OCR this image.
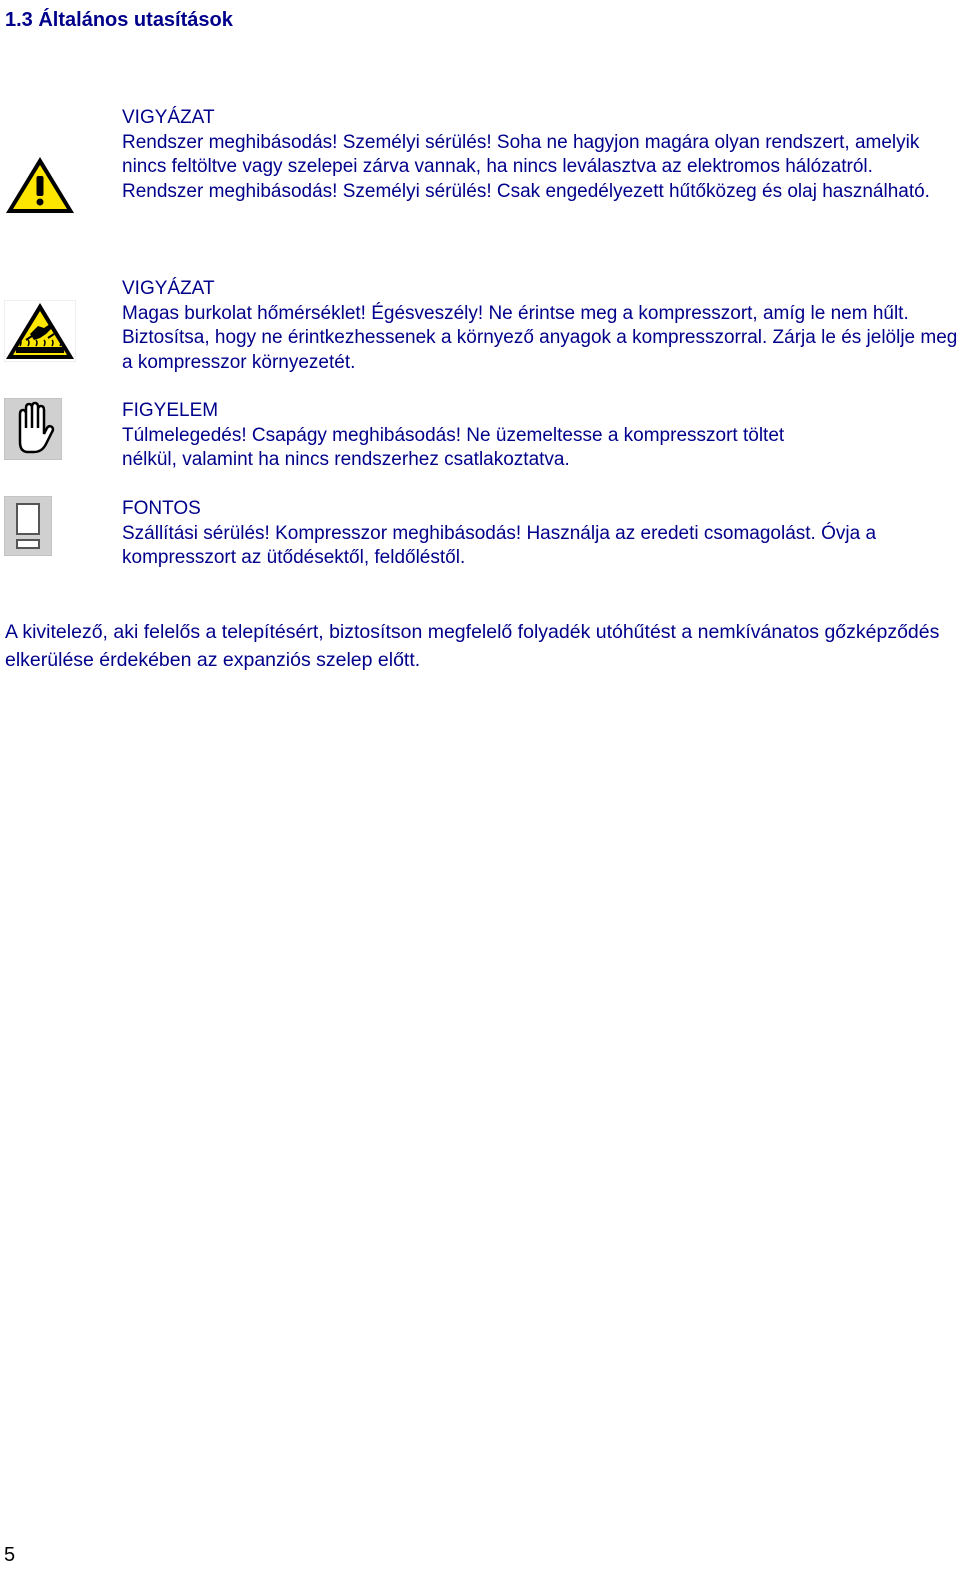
1.3 Általános utasítások
VIGYÁZAT

Rendszer meghibásodás! Személyi sérülés! Soha ne hagyjon magára olyan rendszert, amelyik nincs feltöltve vagy szelepei zárva vannak, ha nincs leválasztva az elektromos hálózatról.

Rendszer meghibásodás! Személyi sérülés! Csak engedélyezett hűtőközeg és olaj használható.

VIGYÁZAT

Magas burkolat hőmérséklet! Égésveszély! Ne érintse meg a kompresszort, amíg le nem hűlt. Biztosítsa, hogy ne érintkezhessenek a környező anyagok a kompresszorral. Zárja le és jelölje meg a kompresszor környezetét.

FIGYELEM

Túlmelegedés! Csapágy meghibásodás! Ne üzemeltesse a kompresszort töltet nélkül, valamint ha nincs rendszerhez csatlakoztatva.

FONTOS

Szállítási sérülés! Kompresszor meghibásodás! Használja az eredeti csomagolást. Óvja a kompresszort az ütődésektől, feldőléstől.

A kivitelező, aki felelős a telepítésért, biztosítson megfelelő folyadék utóhűtést a nemkívánatos gőzképződés elkerülése érdekében az expanziós szelep előtt.

5
